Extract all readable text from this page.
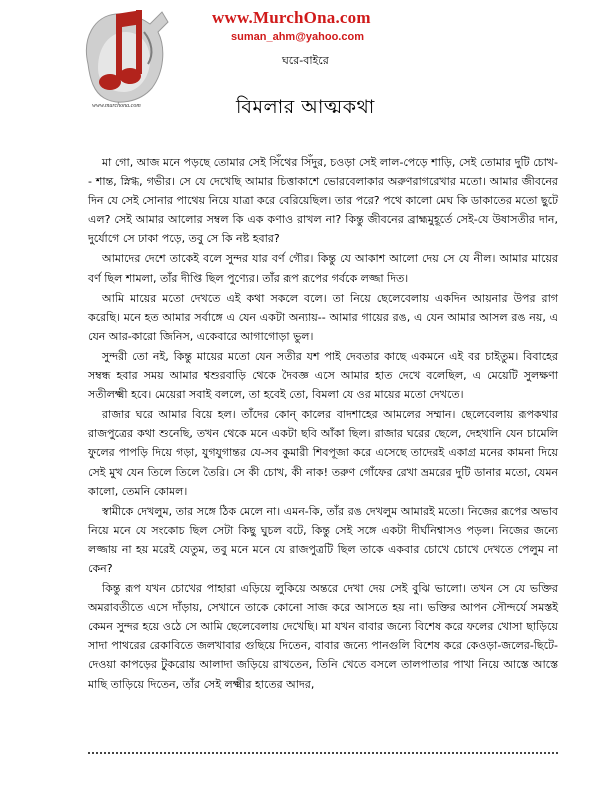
www.murchona.com
www.MurchOna.com
suman_ahm@yahoo.com
ঘরে-বাইরে
বিমলার আত্মকথা

মা গো, আজ মনে পড়ছে তোমার সেই সিঁথের সিঁদুর, চওড়া সেই লাল-পেড়ে শাড়ি, সেই তোমার দুটি চোখ-- শান্ত, স্নিগ্ধ, গভীর। সে যে দেখেছি আমার চিত্তাকাশে ভোরবেলাকার অরুণরাগরেখার মতো। আমার জীবনের দিন যে সেই সোনার পাথেয় নিয়ে যাত্রা করে বেরিয়েছিল। তার পরে? পথে কালো মেঘ কি ডাকাতের মতো ছুটে এল? সেই আমার আলোর সম্বল কি এক কণাও রাখল না? কিন্তু জীবনের ব্রাহ্মমুহূর্তে সেই-যে উষাসতীর দান, দুর্যোগে সে ঢাকা পড়ে, তবু সে কি নষ্ট হবার?

আমাদের দেশে তাকেই বলে সুন্দর যার বর্ণ গৌর। কিন্তু যে আকাশ আলো দেয় সে যে নীল। আমার মায়ের বর্ণ ছিল শামলা, তাঁর দীপ্তি ছিল পুণ্যের। তাঁর রূপ রূপের গর্বকে লজ্জা দিত।

আমি মায়ের মতো দেখতে এই কথা সকলে বলে। তা নিয়ে ছেলেবেলায় একদিন আয়নার উপর রাগ করেছি। মনে হত আমার সর্বাঙ্গে এ যেন একটা অন্যায়-- আমার গায়ের রঙ, এ যেন আমার আসল রঙ নয়, এ যেন আর-কারো জিনিস, একেবারে আগাগোড়া ভুল।

সুন্দরী তো নই, কিন্তু মায়ের মতো যেন সতীর যশ পাই দেবতার কাছে একমনে এই বর চাইতুম। বিবাহের সম্বন্ধ হবার সময় আমার শ্বশুরবাড়ি থেকে দৈবজ্ঞ এসে আমার হাত দেখে বলেছিল, এ মেয়েটি সুলক্ষণা সতীলক্ষ্মী হবে। মেয়েরা সবাই বললে, তা হবেই তো, বিমলা যে ওর মায়ের মতো দেখতে।

রাজার ঘরে আমার বিয়ে হল। তাঁদের কোন্‌ কালের বাদশাহের আমলের সম্মান। ছেলেবেলায় রূপকথার রাজপুত্রের কথা শুনেছি, তখন থেকে মনে একটা ছবি আঁকা ছিল। রাজার ঘরের ছেলে, দেহখানি যেন চামেলি ফুলের পাপড়ি দিয়ে গড়া, যুগযুগান্তর যে-সব কুমারী শিবপূজা করে এসেছে তাদেরই একাগ্র মনের কামনা দিয়ে সেই মুখ যেন তিলে তিলে তৈরি। সে কী চোখ, কী নাক! তরুণ গোঁফের রেখা ভ্রমরের দুটি ডানার মতো, যেমন কালো, তেমনি কোমল।

স্বামীকে দেখলুম, তার সঙ্গে ঠিক মেলে না। এমন-কি, তাঁর রঙ দেখলুম আমারই মতো। নিজের রূপের অভাব নিয়ে মনে যে সংকোচ ছিল সেটা কিছু ঘুচল বটে, কিন্তু সেই সঙ্গে একটা দীর্ঘনিশ্বাসও পড়ল। নিজের জন্যে লজ্জায় না হয় মরেই যেতুম, তবু মনে মনে যে রাজপুত্রটি ছিল তাকে একবার চোখে চোখে দেখতে পেলুম না কেন?

কিন্তু রূপ যখন চোখের পাহারা এড়িয়ে লুকিয়ে অন্তরে দেখা দেয় সেই বুঝি ভালো। তখন সে যে ভক্তির অমরাবতীতে এসে দাঁড়ায়, সেখানে তাকে কোনো সাজ করে আসতে হয় না। ভক্তির আপন সৌন্দর্যে সমস্তই কেমন সুন্দর হয়ে ওঠে সে আমি ছেলেবেলায় দেখেছি। মা যখন বাবার জন্যে বিশেষ করে ফলের খোসা ছাড়িয়ে সাদা পাথরের রেকাবিতে জলখাবার গুছিয়ে দিতেন, বাবার জন্যে পানগুলি বিশেষ করে কেওড়া-জলের-ছিটে-দেওয়া কাপড়ের টুকরোয় আলাদা জড়িয়ে রাখতেন, তিনি খেতে বসলে তালপাতার পাখা নিয়ে আস্তে আস্তে মাছি তাড়িয়ে দিতেন, তাঁর সেই লক্ষ্মীর হাতের আদর,
